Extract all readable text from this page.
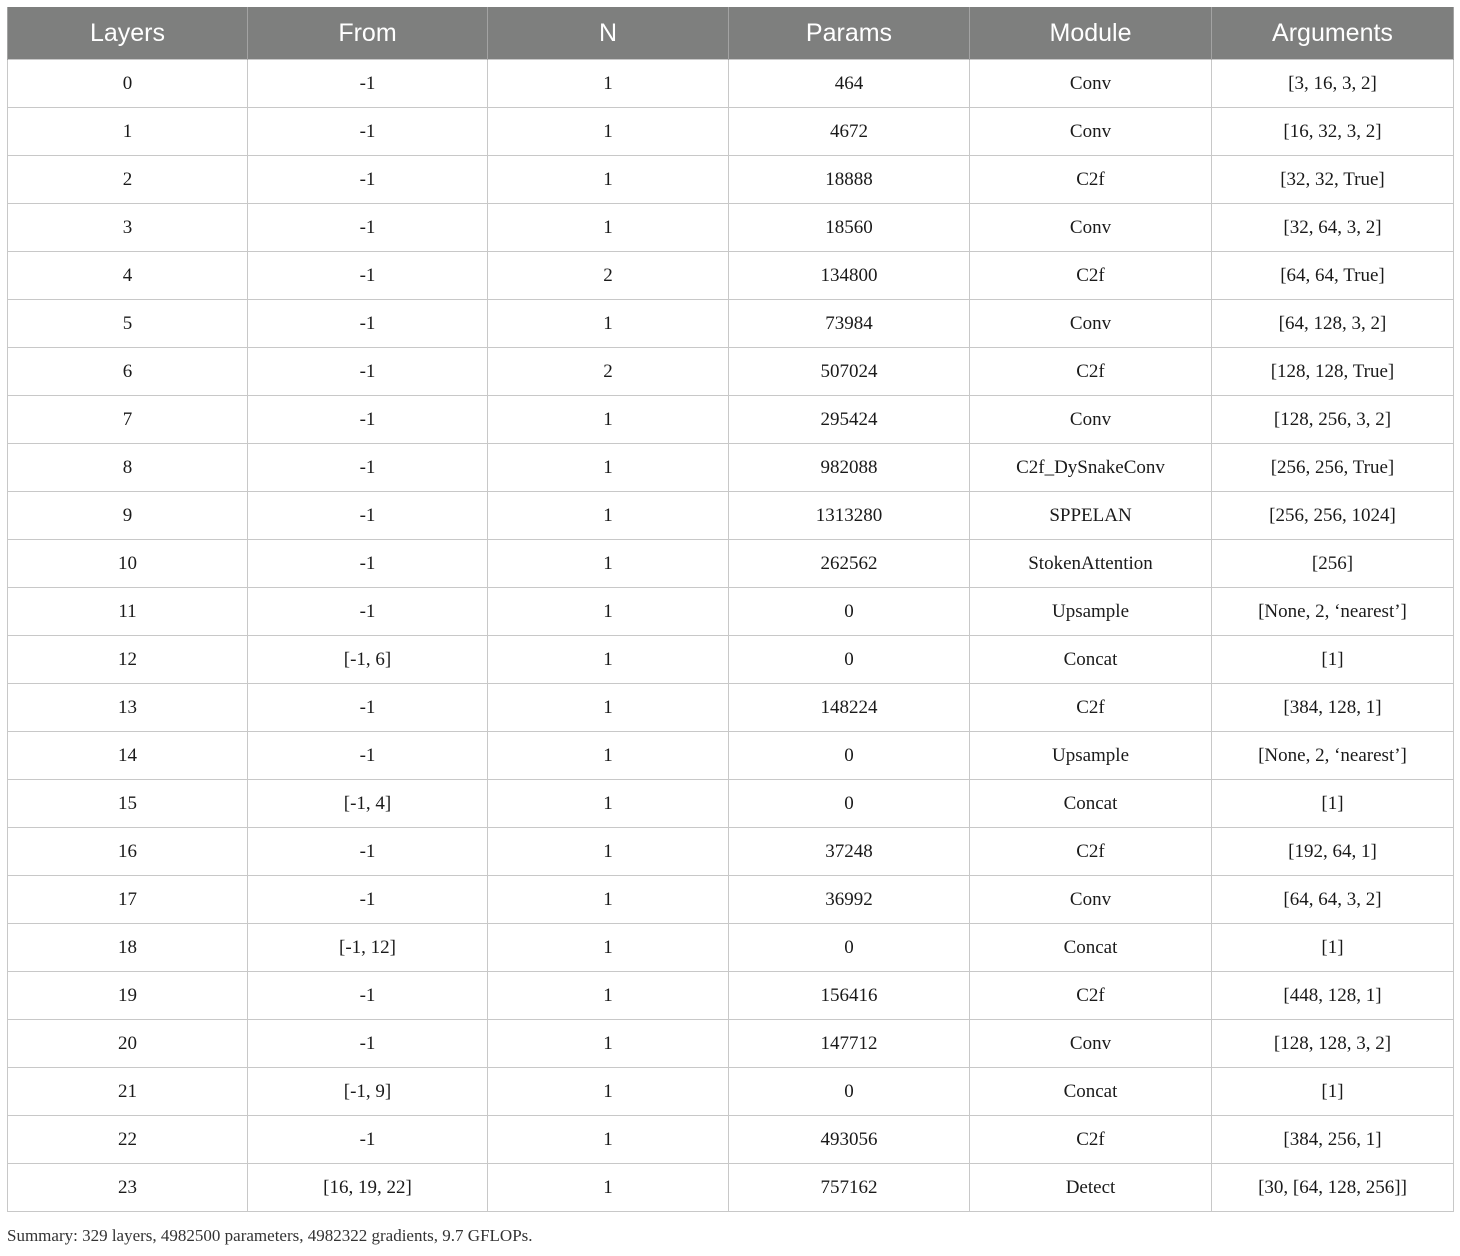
Layers	From	N	Params	Module	Arguments
0	-1	1	464	Conv	[3, 16, 3, 2]
1	-1	1	4672	Conv	[16, 32, 3, 2]
2	-1	1	18888	C2f	[32, 32, True]
3	-1	1	18560	Conv	[32, 64, 3, 2]
4	-1	2	134800	C2f	[64, 64, True]
5	-1	1	73984	Conv	[64, 128, 3, 2]
6	-1	2	507024	C2f	[128, 128, True]
7	-1	1	295424	Conv	[128, 256, 3, 2]
8	-1	1	982088	C2f_DySnakeConv	[256, 256, True]
9	-1	1	1313280	SPPELAN	[256, 256, 1024]
10	-1	1	262562	StokenAttention	[256]
11	-1	1	0	Upsample	[None, 2, ‘nearest’]
12	[-1, 6]	1	0	Concat	[1]
13	-1	1	148224	C2f	[384, 128, 1]
14	-1	1	0	Upsample	[None, 2, ‘nearest’]
15	[-1, 4]	1	0	Concat	[1]
16	-1	1	37248	C2f	[192, 64, 1]
17	-1	1	36992	Conv	[64, 64, 3, 2]
18	[-1, 12]	1	0	Concat	[1]
19	-1	1	156416	C2f	[448, 128, 1]
20	-1	1	147712	Conv	[128, 128, 3, 2]
21	[-1, 9]	1	0	Concat	[1]
22	-1	1	493056	C2f	[384, 256, 1]
23	[16, 19, 22]	1	757162	Detect	[30, [64, 128, 256]]
Summary: 329 layers, 4982500 parameters, 4982322 gradients, 9.7 GFLOPs.
